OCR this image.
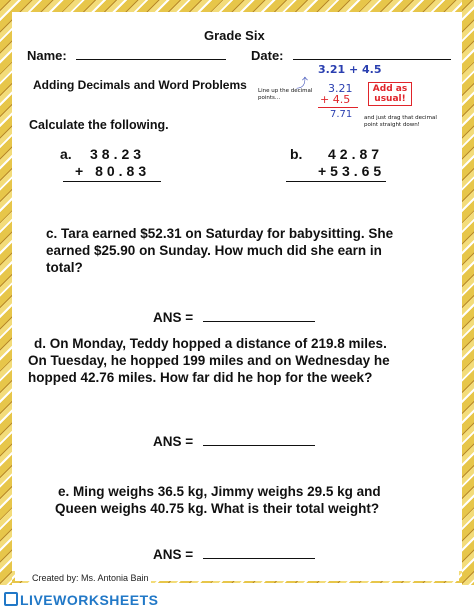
Grade Six
Name:	Date:
Adding Decimals and Word Problems
3.21 + 4.5
Line up the decimal points...
⤴ 3.21
+ 4.5
7.71
Add as usual!
and just drag that decimal point straight down!
Calculate the following.
a. 38.23
+ 80.83
b. 42.87
+53.65
c. Tara earned $52.31 on Saturday for babysitting. She
earned $25.90 on Sunday. How much did she earn in
total?
ANS =
d. On Monday, Teddy hopped a distance of 219.8 miles.
On Tuesday, he hopped 199 miles and on Wednesday he
hopped 42.76 miles. How far did he hop for the week?
ANS =
e. Ming weighs 36.5 kg, Jimmy weighs 29.5 kg and
Queen weighs 40.75 kg. What is their total weight?
ANS =
Created by: Ms. Antonia Bain
LIVEWORKSHEETS
